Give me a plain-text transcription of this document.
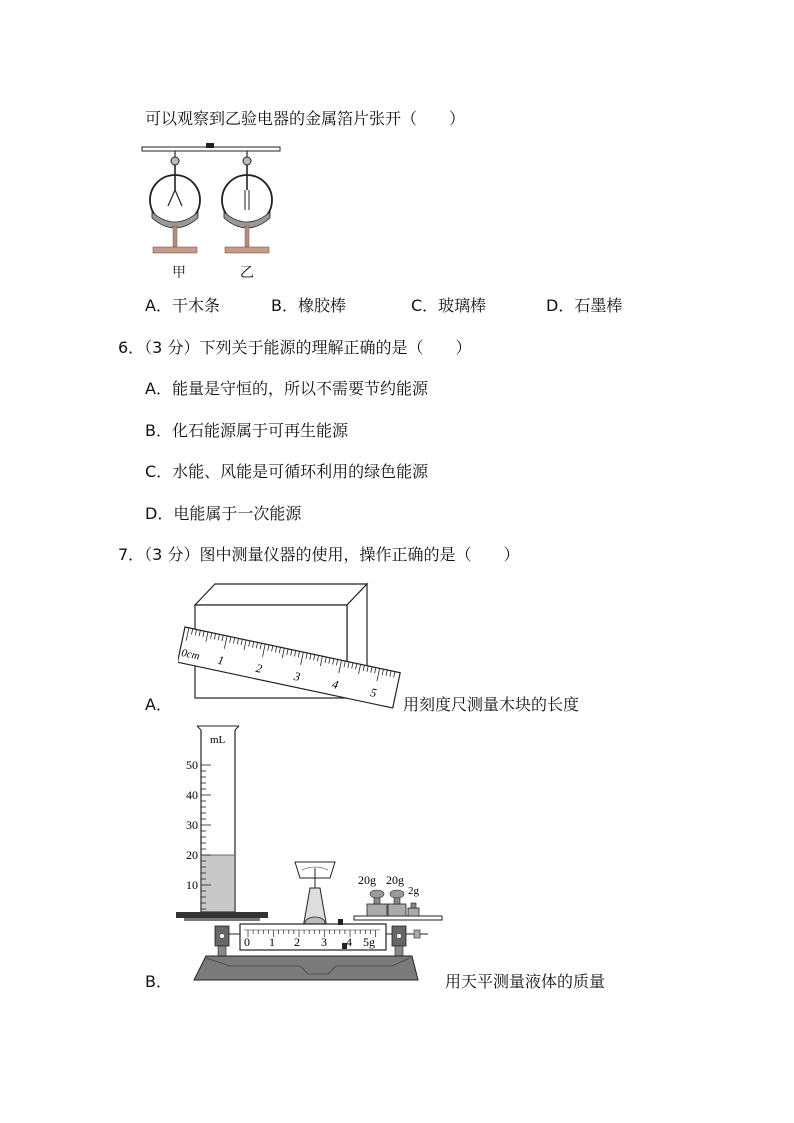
可以观察到乙验电器的金属箔片张开（　　）
甲	乙
A．干木条	B．橡胶棒	C．玻璃棒	D．石墨棒
6．（3 分）下列关于能源的理解正确的是（　　）
A．能量是守恒的，所以不需要节约能源
B．化石能源属于可再生能源
C．水能、风能是可循环利用的绿色能源
D．电能属于一次能源
7．（3 分）图中测量仪器的使用，操作正确的是（　　）
0cm 1
2
3
4
5
A．	用刻度尺测量木块的长度
mL
50
40
30
20
10	20g 20g
2g
0 1 2 3 4 5g
B．	用天平测量液体的质量
